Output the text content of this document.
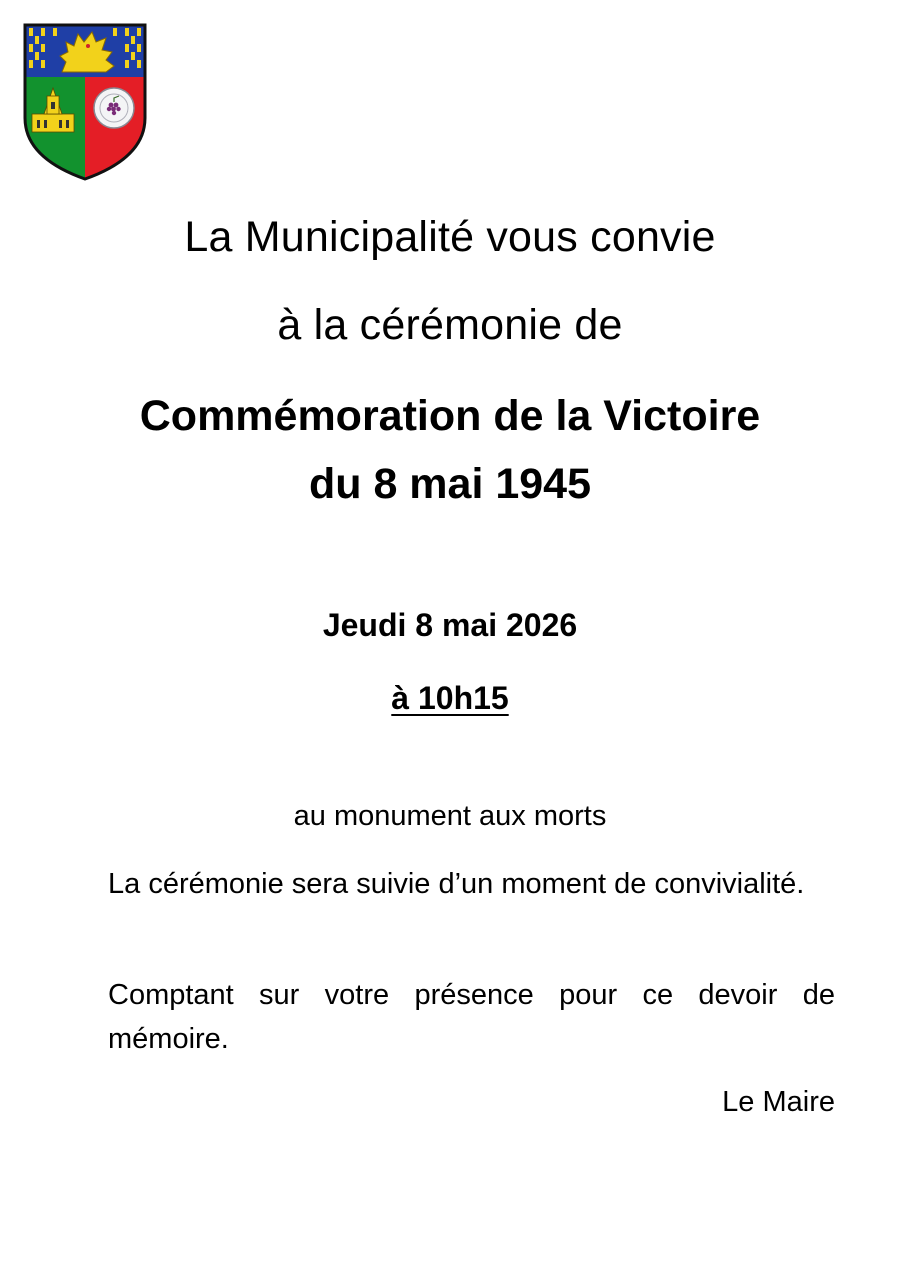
La Municipalité vous convie
à la cérémonie de
Commémoration de la Victoire
du 8 mai 1945
Jeudi 8 mai 2026
à 10h15
au monument aux morts

La cérémonie sera suivie d’un moment de convivialité.

Comptant sur votre présence pour ce devoir de mémoire.

Le Maire
